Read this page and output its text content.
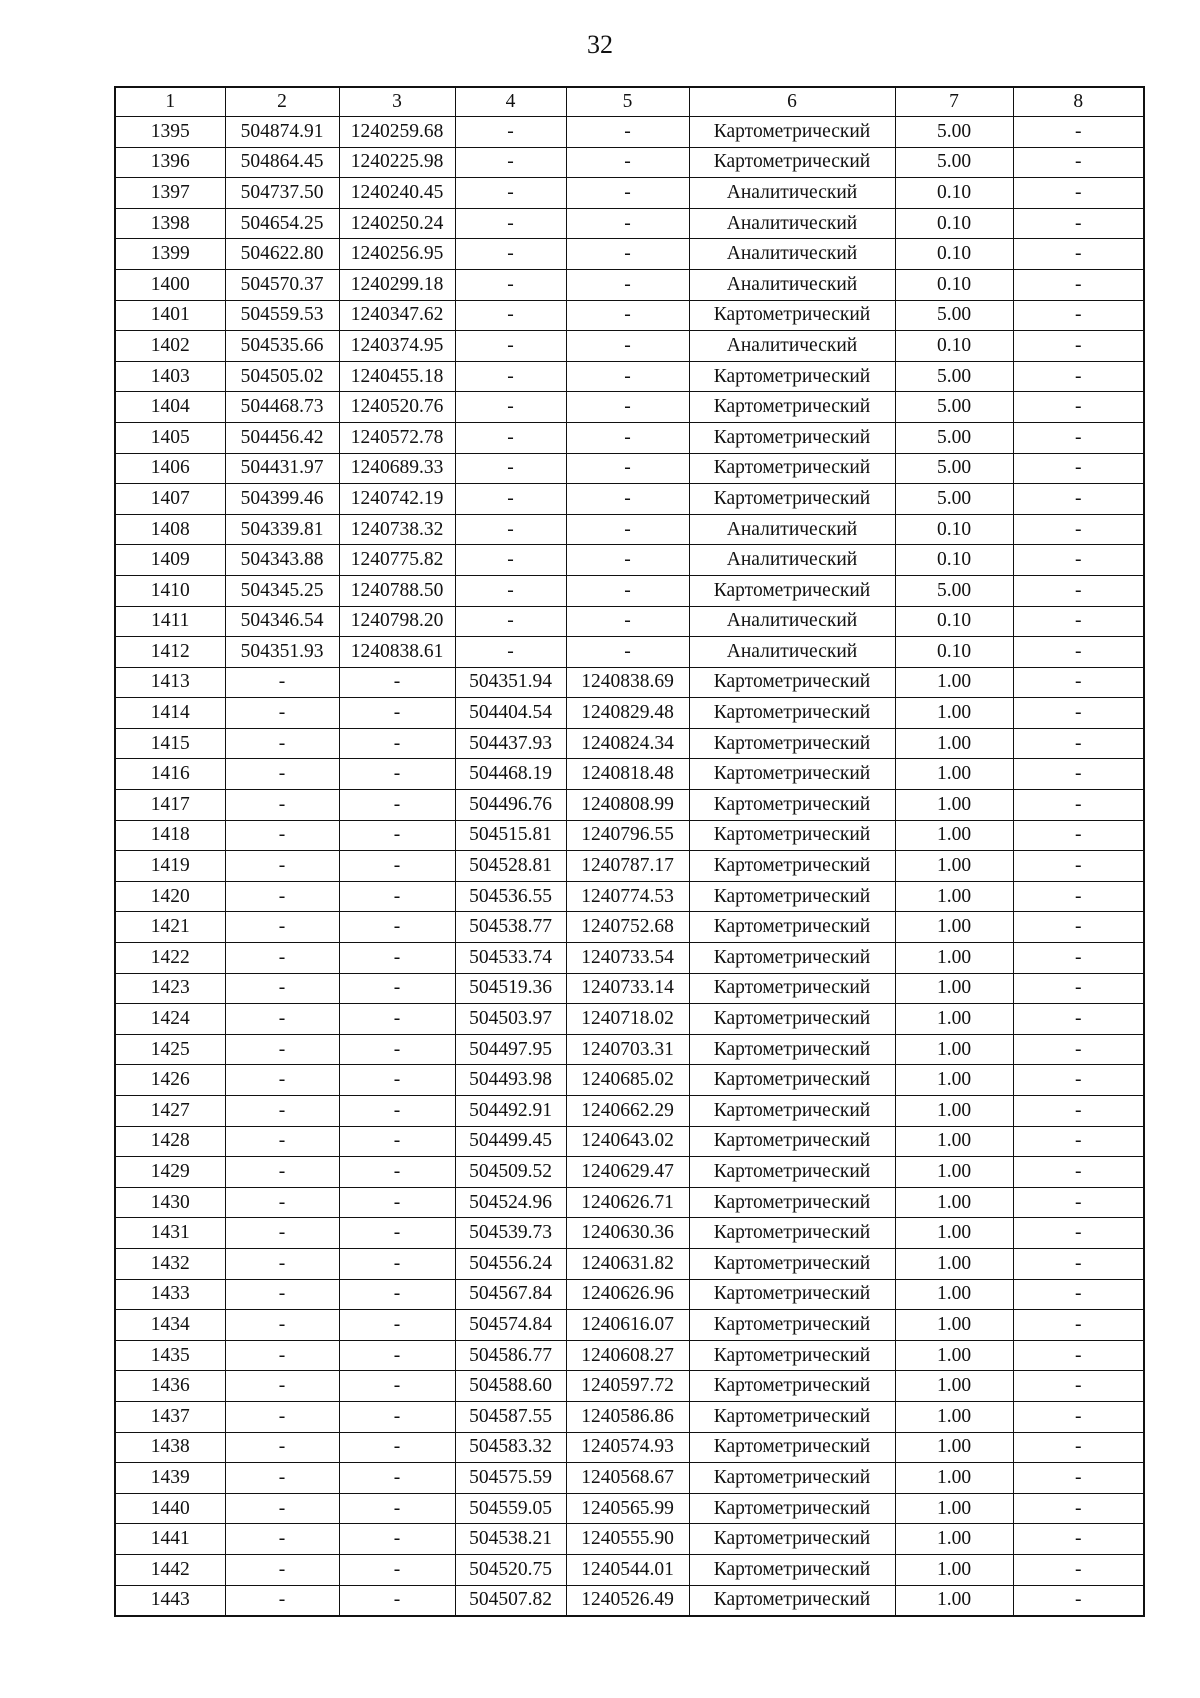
32
1	2	3	4	5	6	7	8
1395	504874.91	1240259.68	-	-	Картометрический	5.00	-
1396	504864.45	1240225.98	-	-	Картометрический	5.00	-
1397	504737.50	1240240.45	-	-	Аналитический	0.10	-
1398	504654.25	1240250.24	-	-	Аналитический	0.10	-
1399	504622.80	1240256.95	-	-	Аналитический	0.10	-
1400	504570.37	1240299.18	-	-	Аналитический	0.10	-
1401	504559.53	1240347.62	-	-	Картометрический	5.00	-
1402	504535.66	1240374.95	-	-	Аналитический	0.10	-
1403	504505.02	1240455.18	-	-	Картометрический	5.00	-
1404	504468.73	1240520.76	-	-	Картометрический	5.00	-
1405	504456.42	1240572.78	-	-	Картометрический	5.00	-
1406	504431.97	1240689.33	-	-	Картометрический	5.00	-
1407	504399.46	1240742.19	-	-	Картометрический	5.00	-
1408	504339.81	1240738.32	-	-	Аналитический	0.10	-
1409	504343.88	1240775.82	-	-	Аналитический	0.10	-
1410	504345.25	1240788.50	-	-	Картометрический	5.00	-
1411	504346.54	1240798.20	-	-	Аналитический	0.10	-
1412	504351.93	1240838.61	-	-	Аналитический	0.10	-
1413	-	-	504351.94	1240838.69	Картометрический	1.00	-
1414	-	-	504404.54	1240829.48	Картометрический	1.00	-
1415	-	-	504437.93	1240824.34	Картометрический	1.00	-
1416	-	-	504468.19	1240818.48	Картометрический	1.00	-
1417	-	-	504496.76	1240808.99	Картометрический	1.00	-
1418	-	-	504515.81	1240796.55	Картометрический	1.00	-
1419	-	-	504528.81	1240787.17	Картометрический	1.00	-
1420	-	-	504536.55	1240774.53	Картометрический	1.00	-
1421	-	-	504538.77	1240752.68	Картометрический	1.00	-
1422	-	-	504533.74	1240733.54	Картометрический	1.00	-
1423	-	-	504519.36	1240733.14	Картометрический	1.00	-
1424	-	-	504503.97	1240718.02	Картометрический	1.00	-
1425	-	-	504497.95	1240703.31	Картометрический	1.00	-
1426	-	-	504493.98	1240685.02	Картометрический	1.00	-
1427	-	-	504492.91	1240662.29	Картометрический	1.00	-
1428	-	-	504499.45	1240643.02	Картометрический	1.00	-
1429	-	-	504509.52	1240629.47	Картометрический	1.00	-
1430	-	-	504524.96	1240626.71	Картометрический	1.00	-
1431	-	-	504539.73	1240630.36	Картометрический	1.00	-
1432	-	-	504556.24	1240631.82	Картометрический	1.00	-
1433	-	-	504567.84	1240626.96	Картометрический	1.00	-
1434	-	-	504574.84	1240616.07	Картометрический	1.00	-
1435	-	-	504586.77	1240608.27	Картометрический	1.00	-
1436	-	-	504588.60	1240597.72	Картометрический	1.00	-
1437	-	-	504587.55	1240586.86	Картометрический	1.00	-
1438	-	-	504583.32	1240574.93	Картометрический	1.00	-
1439	-	-	504575.59	1240568.67	Картометрический	1.00	-
1440	-	-	504559.05	1240565.99	Картометрический	1.00	-
1441	-	-	504538.21	1240555.90	Картометрический	1.00	-
1442	-	-	504520.75	1240544.01	Картометрический	1.00	-
1443	-	-	504507.82	1240526.49	Картометрический	1.00	-
